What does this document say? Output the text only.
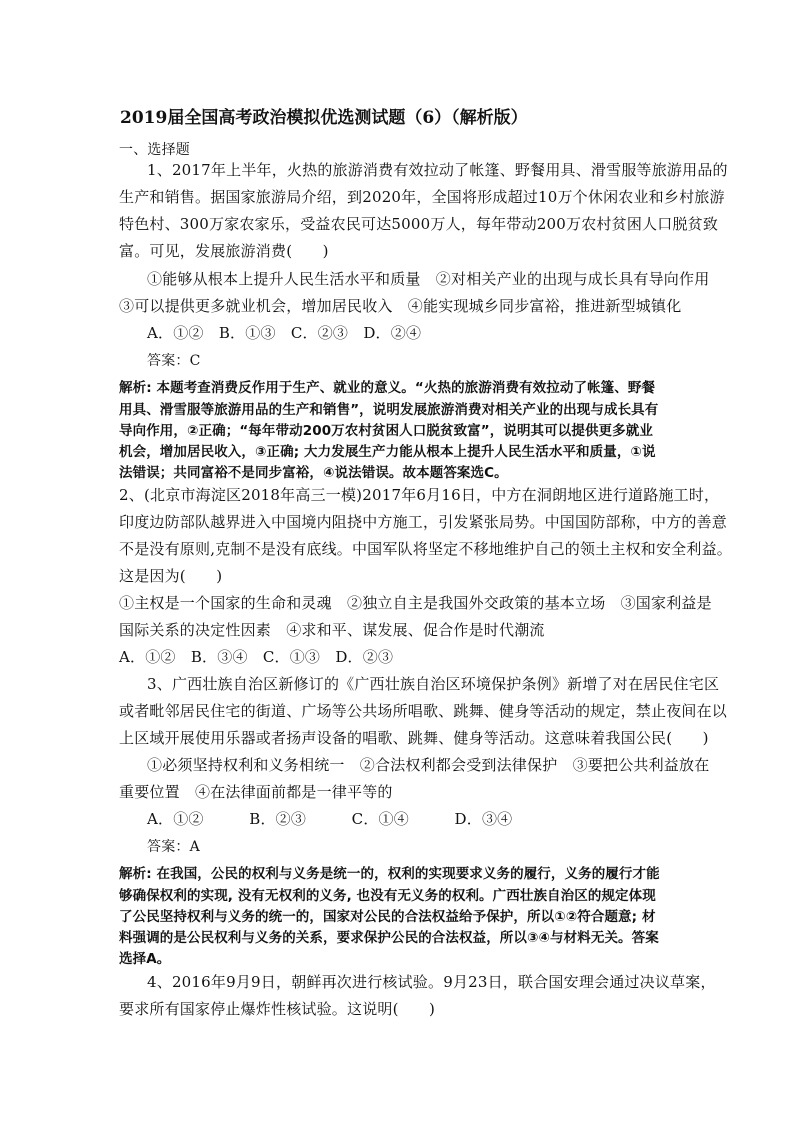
2019届全国高考政治模拟优选测试题（6）（解析版）
一、选择题
1、2017年上半年，火热的旅游消费有效拉动了帐篷、野餐用具、滑雪服等旅游用品的
生产和销售。据国家旅游局介绍，到2020年，全国将形成超过10万个休闲农业和乡村旅游
特色村、300万家农家乐，受益农民可达5000万人，每年带动200万农村贫困人口脱贫致
富。可见，发展旅游消费(　　)
①能够从根本上提升人民生活水平和质量　②对相关产业的出现与成长具有导向作用
③可以提供更多就业机会，增加居民收入　④能实现城乡同步富裕，推进新型城镇化
A．①②　B．①③　C．②③　D．②④
答案：C
解析: 本题考查消费反作用于生产、就业的意义。“火热的旅游消费有效拉动了帐篷、野餐
用具、滑雪服等旅游用品的生产和销售”，说明发展旅游消费对相关产业的出现与成长具有
导向作用，②正确；“每年带动200万农村贫困人口脱贫致富”，说明其可以提供更多就业
机会，增加居民收入，③正确; 大力发展生产力能从根本上提升人民生活水平和质量，①说
法错误；共同富裕不是同步富裕，④说法错误。故本题答案选C。
2、(北京市海淀区2018年高三一模)2017年6月16日，中方在洞朗地区进行道路施工时，
印度边防部队越界进入中国境内阻挠中方施工，引发紧张局势。中国国防部称，中方的善意
不是没有原则,克制不是没有底线。中国军队将坚定不移地维护自己的领土主权和安全利益。
这是因为(　　)
①主权是一个国家的生命和灵魂　②独立自主是我国外交政策的基本立场　③国家利益是
国际关系的决定性因素　④求和平、谋发展、促合作是时代潮流
A．①②　B．③④　C．①③　D．②③
3、广西壮族自治区新修订的《广西壮族自治区环境保护条例》新增了对在居民住宅区
或者毗邻居民住宅的街道、广场等公共场所唱歌、跳舞、健身等活动的规定，禁止夜间在以
上区域开展使用乐器或者扬声设备的唱歌、跳舞、健身等活动。这意味着我国公民(　　)
①必须坚持权利和义务相统一　②合法权利都会受到法律保护　③要把公共利益放在
重要位置　④在法律面前都是一律平等的
A．①②　　　B．②③　　　C．①④　　　D．③④
答案：A
解析: 在我国，公民的权利与义务是统一的，权利的实现要求义务的履行，义务的履行才能
够确保权利的实现, 没有无权利的义务, 也没有无义务的权利。广西壮族自治区的规定体现
了公民坚持权利与义务的统一的，国家对公民的合法权益给予保护，所以①②符合题意; 材
料强调的是公民权利与义务的关系，要求保护公民的合法权益，所以③④与材料无关。答案
选择A。
4、2016年9月9日，朝鲜再次进行核试验。9月23日，联合国安理会通过决议草案，
要求所有国家停止爆炸性核试验。这说明(　　)
